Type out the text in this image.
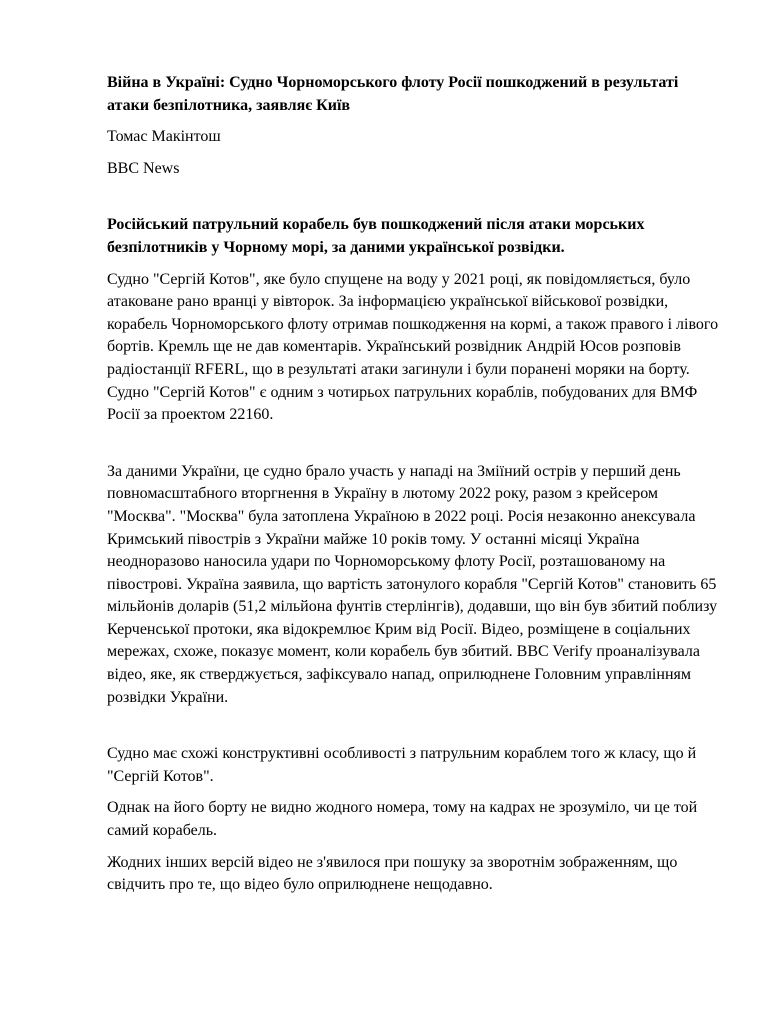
Війна в Україні: Судно Чорноморського флоту Росії пошкоджений в результаті атаки безпілотника, заявляє Київ

Томас Макінтош

BBC News

Російський патрульний корабель був пошкоджений після атаки морських безпілотників у Чорному морі, за даними української розвідки.

Судно "Сергій Котов", яке було спущене на воду у 2021 році, як повідомляється, було атаковане рано вранці у вівторок. За інформацією української військової розвідки, корабель Чорноморського флоту отримав пошкодження на кормі, а також правого і лівого бортів. Кремль ще не дав коментарів. Український розвідник Андрій Юсов розповів радіостанції RFERL, що в результаті атаки загинули і були поранені моряки на борту. Судно "Сергій Котов" є одним з чотирьох патрульних кораблів, побудованих для ВМФ Росії за проектом 22160.

За даними України, це судно брало участь у нападі на Зміїний острів у перший день повномасштабного вторгнення в Україну в лютому 2022 року, разом з крейсером "Москва". "Москва" була затоплена Україною в 2022 році. Росія незаконно анексувала Кримський півострів з України майже 10 років тому. У останні місяці Україна неодноразово наносила удари по Чорноморському флоту Росії, розташованому на півострові. Україна заявила, що вартість затонулого корабля "Сергій Котов" становить 65 мільйонів доларів (51,2 мільйона фунтів стерлінгів), додавши, що він був збитий поблизу Керченської протоки, яка відокремлює Крим від Росії. Відео, розміщене в соціальних мережах, схоже, показує момент, коли корабель був збитий. BBC Verify проаналізувала відео, яке, як стверджується, зафіксувало напад, оприлюднене Головним управлінням розвідки України.

Судно має схожі конструктивні особливості з патрульним кораблем того ж класу, що й "Сергій Котов".

Однак на його борту не видно жодного номера, тому на кадрах не зрозуміло, чи це той самий корабель.

Жодних інших версій відео не з'явилося при пошуку за зворотнім зображенням, що свідчить про те, що відео було оприлюднене нещодавно.
